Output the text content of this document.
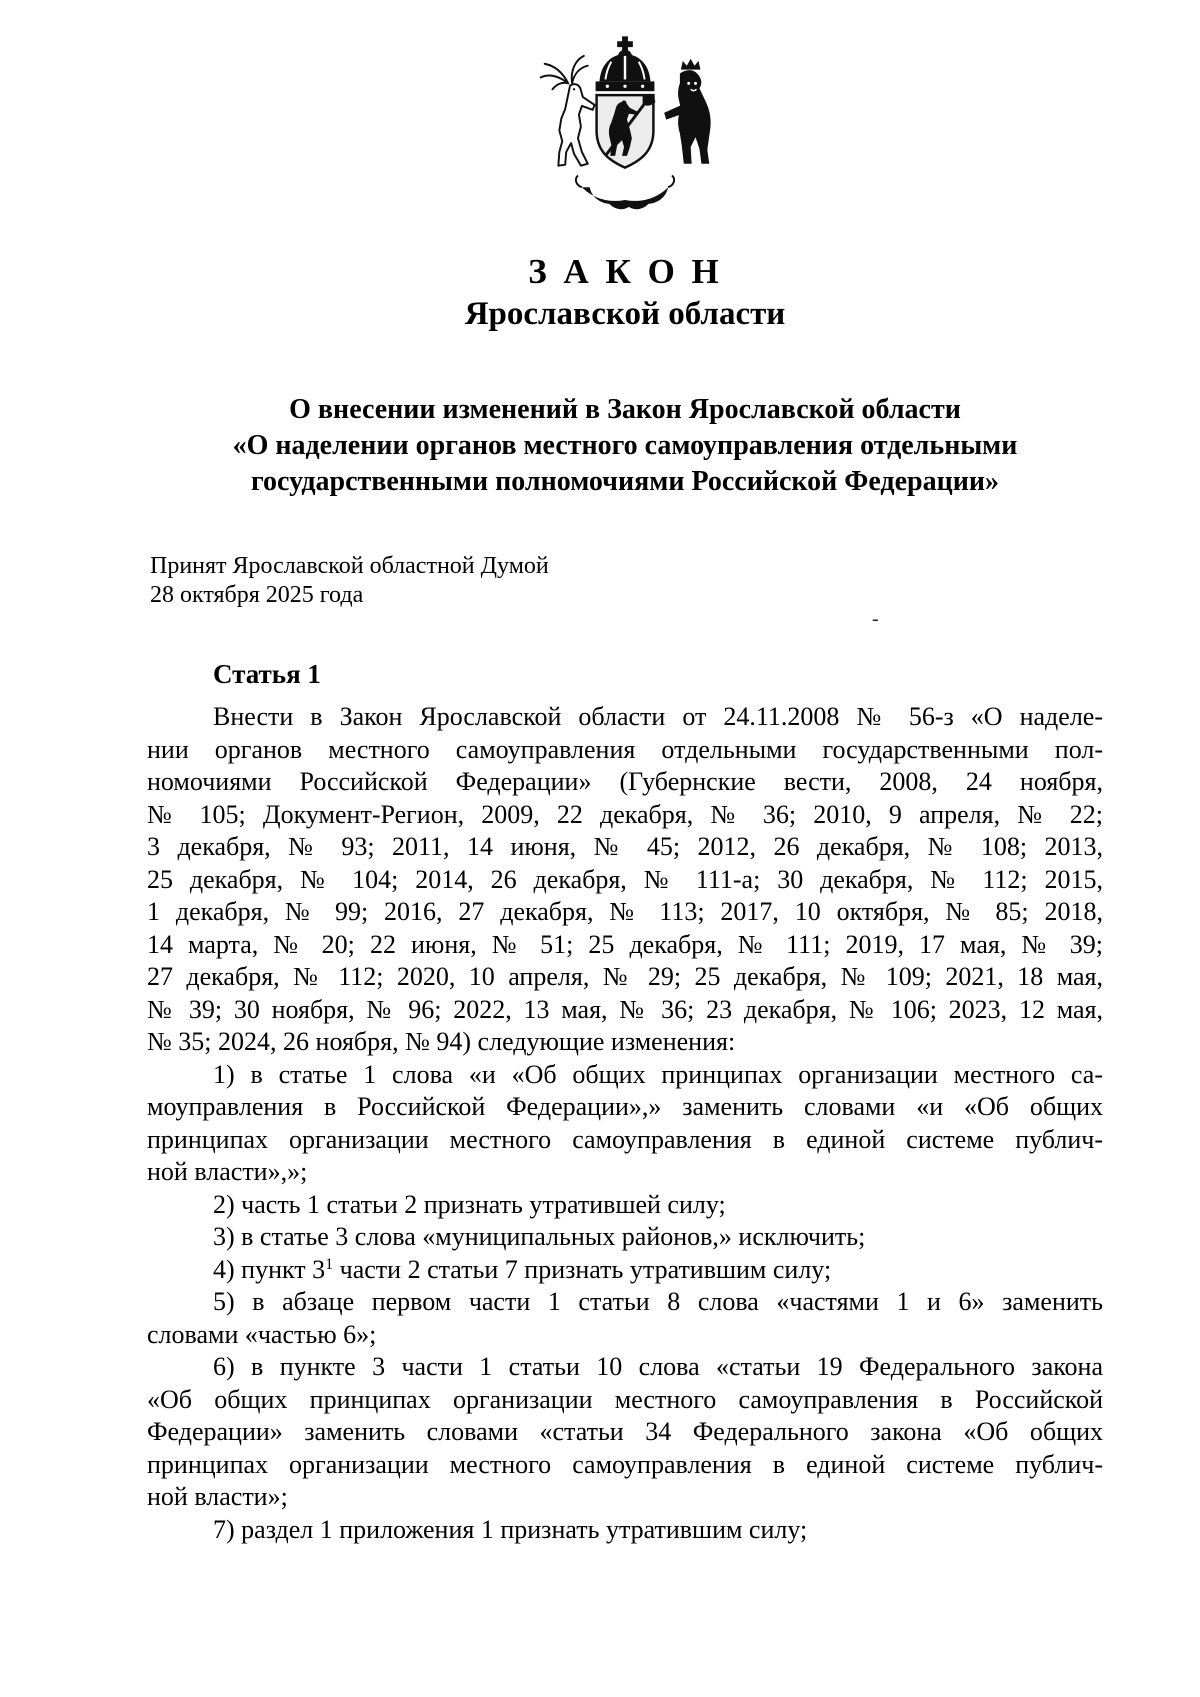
З А К О Н
Ярославской области
О внесении изменений в Закон Ярославской области
«О наделении органов местного самоуправления отдельными
государственными полномочиями Российской Федерации»
Принят Ярославской областной Думой
28 октября 2025 года
-
Статья 1
Внести в Закон Ярославской области от 24.11.2008 № 56-з «О наделе-
нии органов местного самоуправления отдельными государственными пол-
номочиями Российской Федерации» (Губернские вести, 2008, 24 ноября,
№ 105; Документ-Регион, 2009, 22 декабря, № 36; 2010, 9 апреля, № 22;
3 декабря, № 93; 2011, 14 июня, № 45; 2012, 26 декабря, № 108; 2013,
25 декабря, № 104; 2014, 26 декабря, № 111-а; 30 декабря, № 112; 2015,
1 декабря, № 99; 2016, 27 декабря, № 113; 2017, 10 октября, № 85; 2018,
14 марта, № 20; 22 июня, № 51; 25 декабря, № 111; 2019, 17 мая, № 39;
27 декабря, № 112; 2020, 10 апреля, № 29; 25 декабря, № 109; 2021, 18 мая,
№ 39; 30 ноября, № 96; 2022, 13 мая, № 36; 23 декабря, № 106; 2023, 12 мая,
№ 35; 2024, 26 ноября, № 94) следующие изменения:
1) в статье 1 слова «и «Об общих принципах организации местного са-
моуправления в Российской Федерации»,» заменить словами «и «Об общих
принципах организации местного самоуправления в единой системе публич-
ной власти»,»;
2) часть 1 статьи 2 признать утратившей силу;
3) в статье 3 слова «муниципальных районов,» исключить;
4) пункт $3^1$ части 2 статьи 7 признать утратившим силу;
5) в абзаце первом части 1 статьи 8 слова «частями 1 и 6» заменить
словами «частью 6»;
6) в пункте 3 части 1 статьи 10 слова «статьи 19 Федерального закона
«Об общих принципах организации местного самоуправления в Российской
Федерации» заменить словами «статьи 34 Федерального закона «Об общих
принципах организации местного самоуправления в единой системе публич-
ной власти»;
7) раздел 1 приложения 1 признать утратившим силу;
